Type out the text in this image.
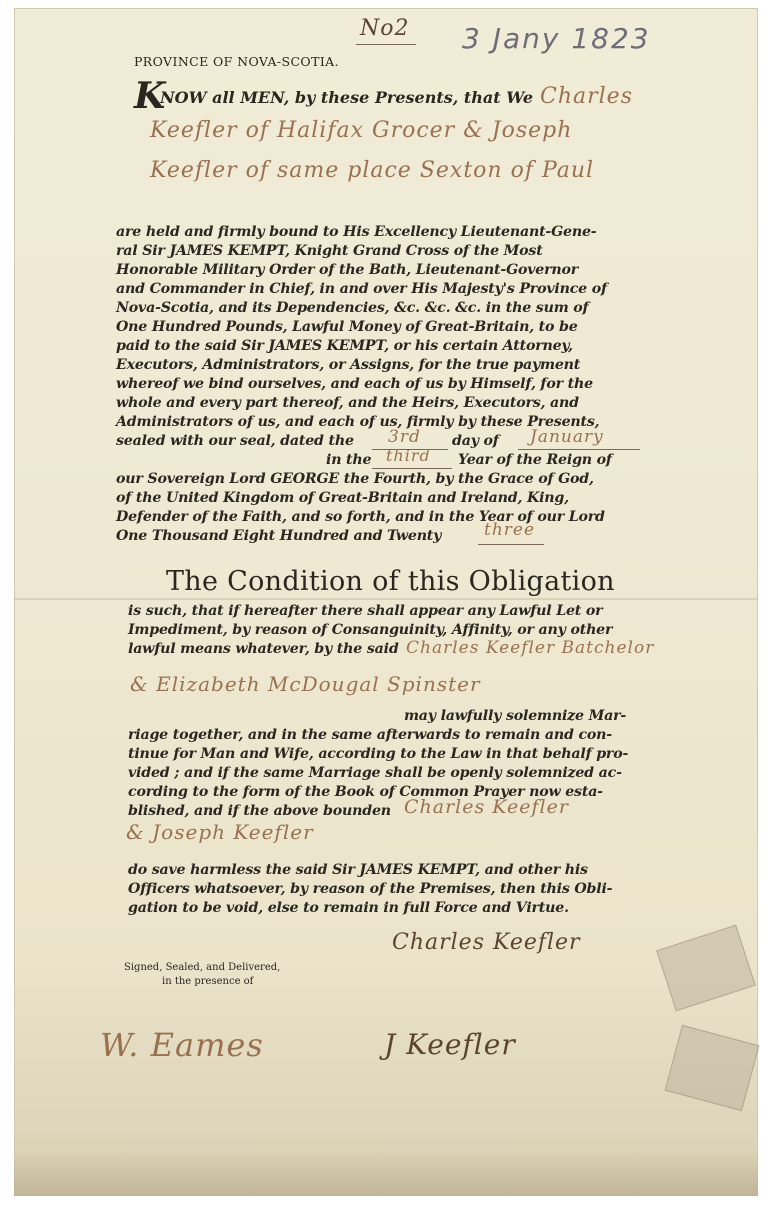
No2 3 Jany 1823
PROVINCE OF NOVA-SCOTIA.
K
NOW all MEN, by these Presents, that We Charles
Keefler of Halifax Grocer & Joseph
Keefler of same place Sexton of Paul
are held and firmly bound to His Excellency Lieutenant-Gene-
ral Sir JAMES KEMPT, Knight Grand Cross of the Most
Honorable Military Order of the Bath, Lieutenant-Governor
and Commander in Chief, in and over His Majesty's Province of
Nova-Scotia, and its Dependencies, &c. &c. &c. in the sum of
One Hundred Pounds, Lawful Money of Great-Britain, to be
paid to the said Sir JAMES KEMPT, or his certain Attorney,
Executors, Administrators, or Assigns, for the true payment
whereof we bind ourselves, and each of us by Himself, for the
whole and every part thereof, and the Heirs, Executors, and
Administrators of us, and each of us, firmly by these Presents,
sealed with our seal, dated the 3rd day of January
in the third Year of the Reign of
our Sovereign Lord GEORGE the Fourth, by the Grace of God,
of the United Kingdom of Great-Britain and Ireland, King,
Defender of the Faith, and so forth, and in the Year of our Lord
One Thousand Eight Hundred and Twenty	three
The Condition of this Obligation
is such, that if hereafter there shall appear any Lawful Let or
Impediment, by reason of Consanguinity, Affinity, or any other
lawful means whatever, by the said Charles Keefler Batchelor
& Elizabeth McDougal Spinster
may lawfully solemnize Mar-
riage together, and in the same afterwards to remain and con-
tinue for Man and Wife, according to the Law in that behalf pro-
vided ; and if the same Marriage shall be openly solemnized ac-
cording to the form of the Book of Common Prayer now esta-
blished, and if the above bounden Charles Keefler
& Joseph Keefler
do save harmless the said Sir JAMES KEMPT, and other his
Officers whatsoever, by reason of the Premises, then this Obli-
gation to be void, else to remain in full Force and Virtue.
Charles Keefler
Signed, Sealed, and Delivered,
in the presence of
W. Eames	J Keefler
